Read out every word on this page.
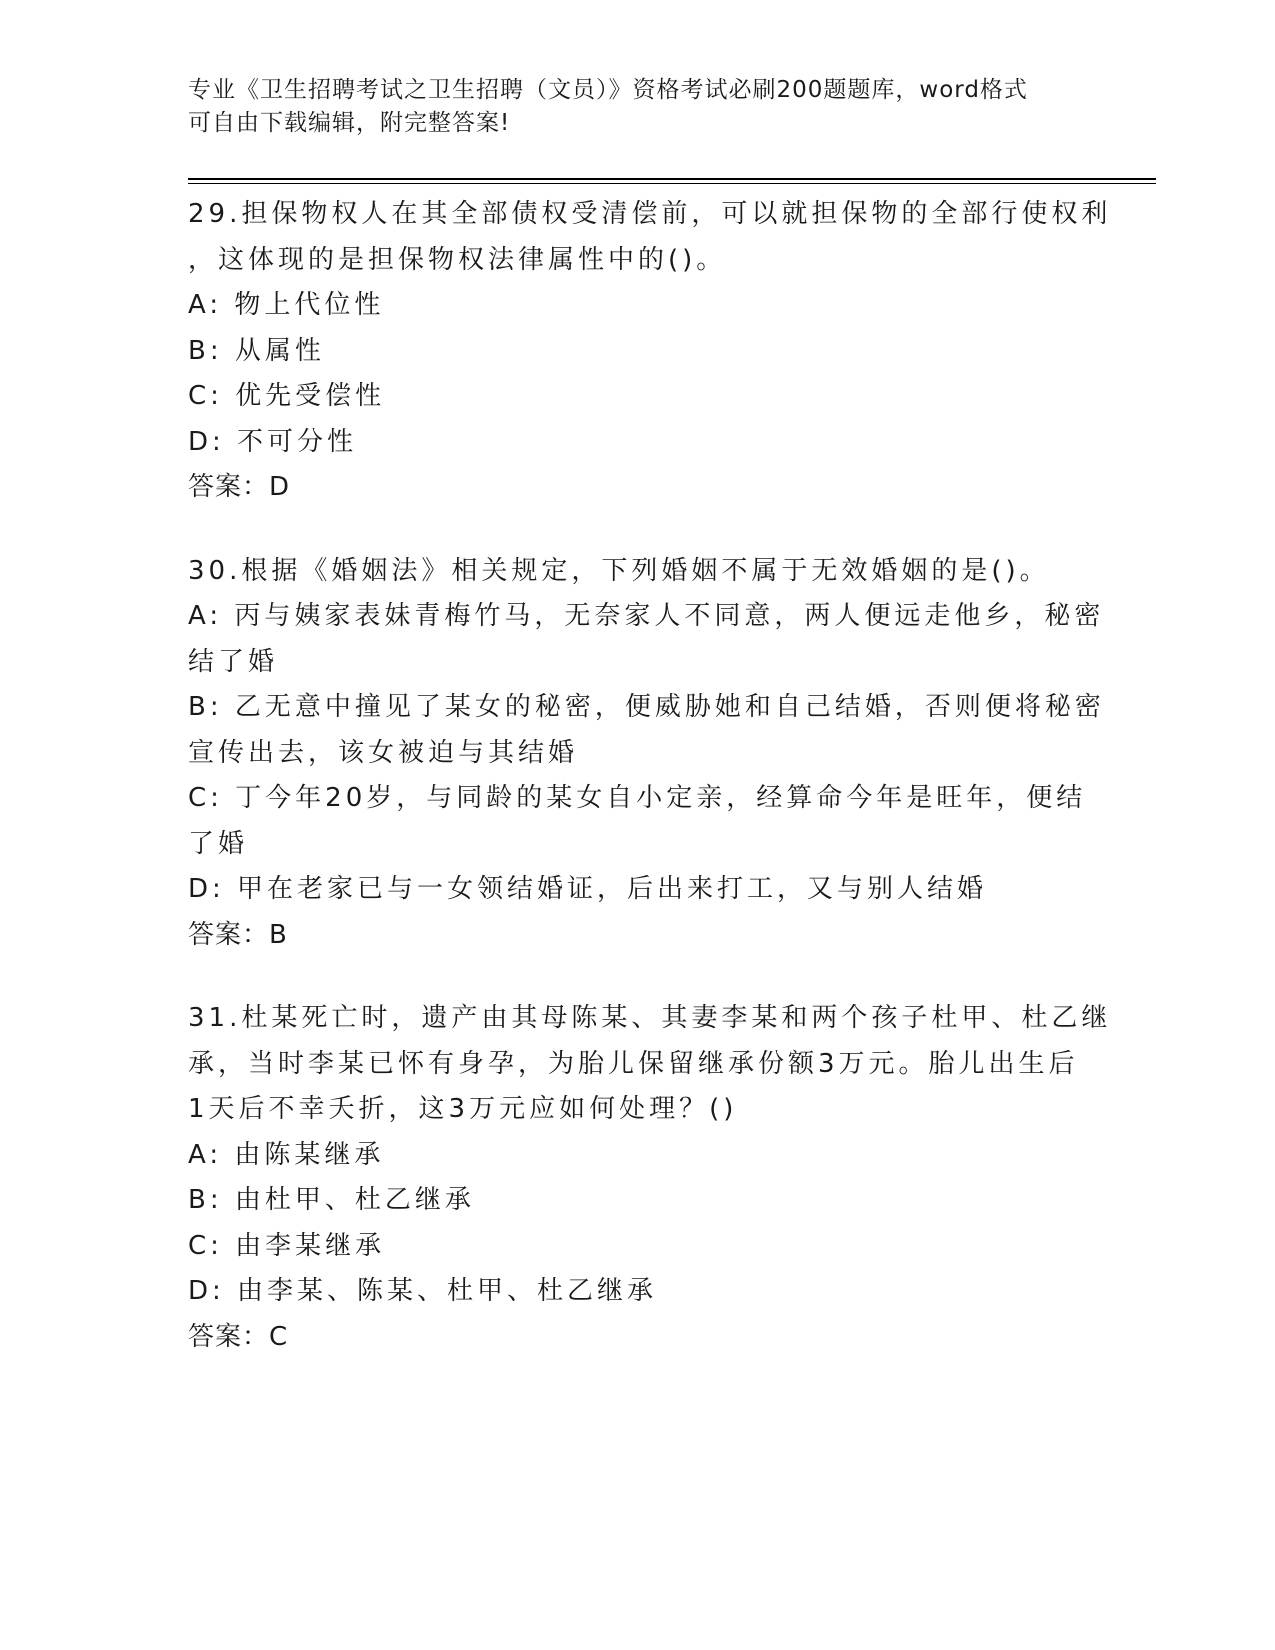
专业《卫生招聘考试之卫生招聘（文员）》资格考试必刷200题题库，word格式
可自由下载编辑，附完整答案!
29.担保物权人在其全部债权受清偿前，可以就担保物的全部行使权利
，这体现的是担保物权法律属性中的()。
A: 物上代位性
B: 从属性
C: 优先受偿性
D: 不可分性
答案：D
30.根据《婚姻法》相关规定，下列婚姻不属于无效婚姻的是()。
A: 丙与姨家表妹青梅竹马，无奈家人不同意，两人便远走他乡，秘密
结了婚
B: 乙无意中撞见了某女的秘密，便威胁她和自己结婚，否则便将秘密
宣传出去，该女被迫与其结婚
C: 丁今年20岁，与同龄的某女自小定亲，经算命今年是旺年，便结
了婚
D: 甲在老家已与一女领结婚证，后出来打工，又与别人结婚
答案：B
31.杜某死亡时，遗产由其母陈某、其妻李某和两个孩子杜甲、杜乙继
承，当时李某已怀有身孕，为胎儿保留继承份额3万元。胎儿出生后
1天后不幸夭折，这3万元应如何处理？()
A: 由陈某继承
B: 由杜甲、杜乙继承
C: 由李某继承
D: 由李某、陈某、杜甲、杜乙继承
答案：C
